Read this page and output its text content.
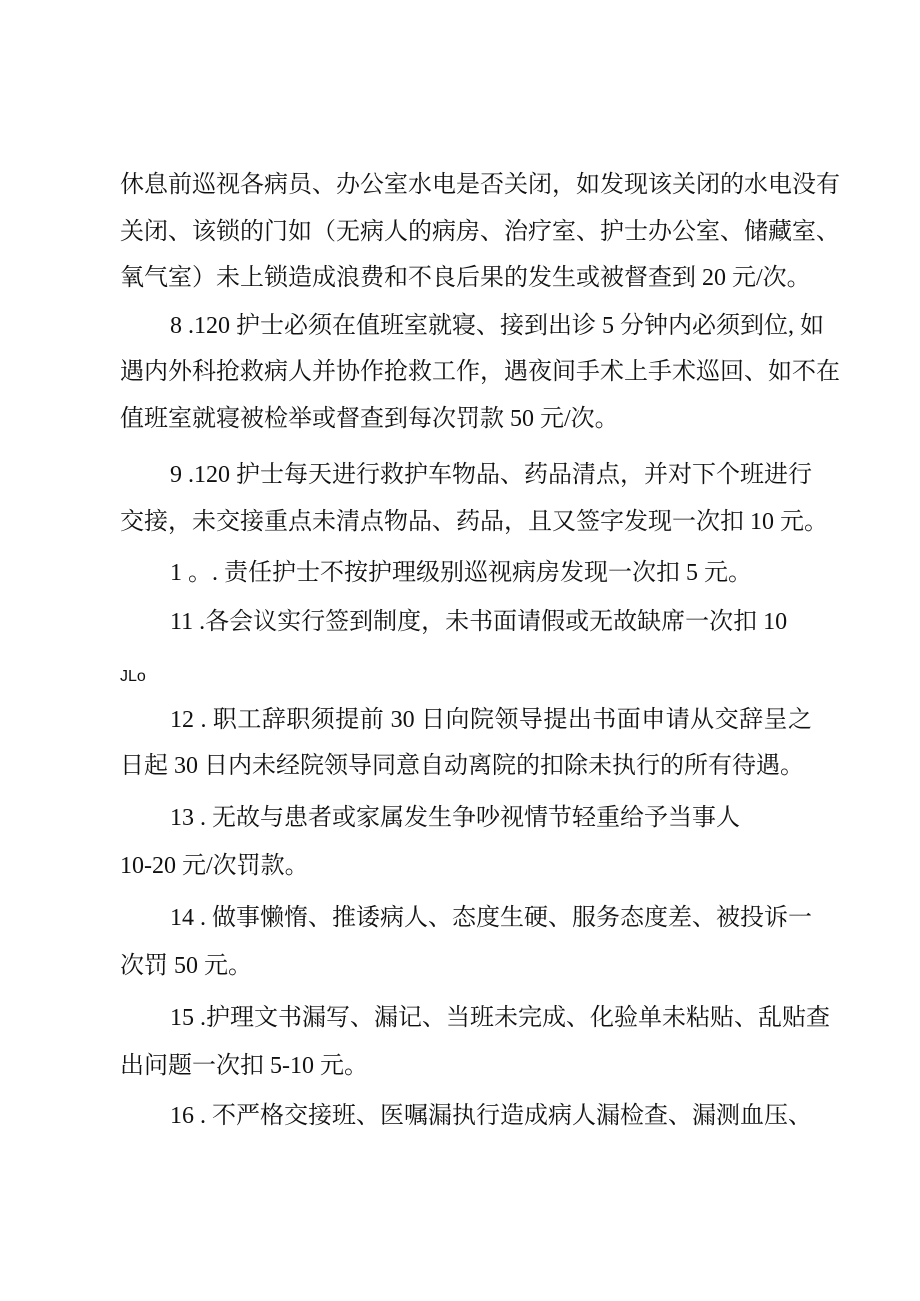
休息前巡视各病员、办公室水电是否关闭，如发现该关闭的水电没有
关闭、该锁的门如（无病人的病房、治疗室、护士办公室、储藏室、
氧气室）未上锁造成浪费和不良后果的发生或被督查到 20 元/次。
8 .120 护士必须在值班室就寝、接到出诊 5 分钟内必须到位, 如
遇内外科抢救病人并协作抢救工作，遇夜间手术上手术巡回、如不在
值班室就寝被检举或督查到每次罚款 50 元/次。
9 .120 护士每天进行救护车物品、药品清点，并对下个班进行
交接，未交接重点未清点物品、药品，且又签字发现一次扣 10 元。
1 。. 责任护士不按护理级别巡视病房发现一次扣 5 元。
11 .各会议实行签到制度，未书面请假或无故缺席一次扣 10
JLo
12 . 职工辞职须提前 30 日向院领导提出书面申请从交辞呈之
日起 30 日内未经院领导同意自动离院的扣除未执行的所有待遇。
13 . 无故与患者或家属发生争吵视情节轻重给予当事人
10-20 元/次罚款。
14 . 做事懒惰、推诿病人、态度生硬、服务态度差、被投诉一
次罚 50 元。
15 .护理文书漏写、漏记、当班未完成、化验单未粘贴、乱贴查
出问题一次扣 5-10 元。
16 . 不严格交接班、医嘱漏执行造成病人漏检查、漏测血压、
